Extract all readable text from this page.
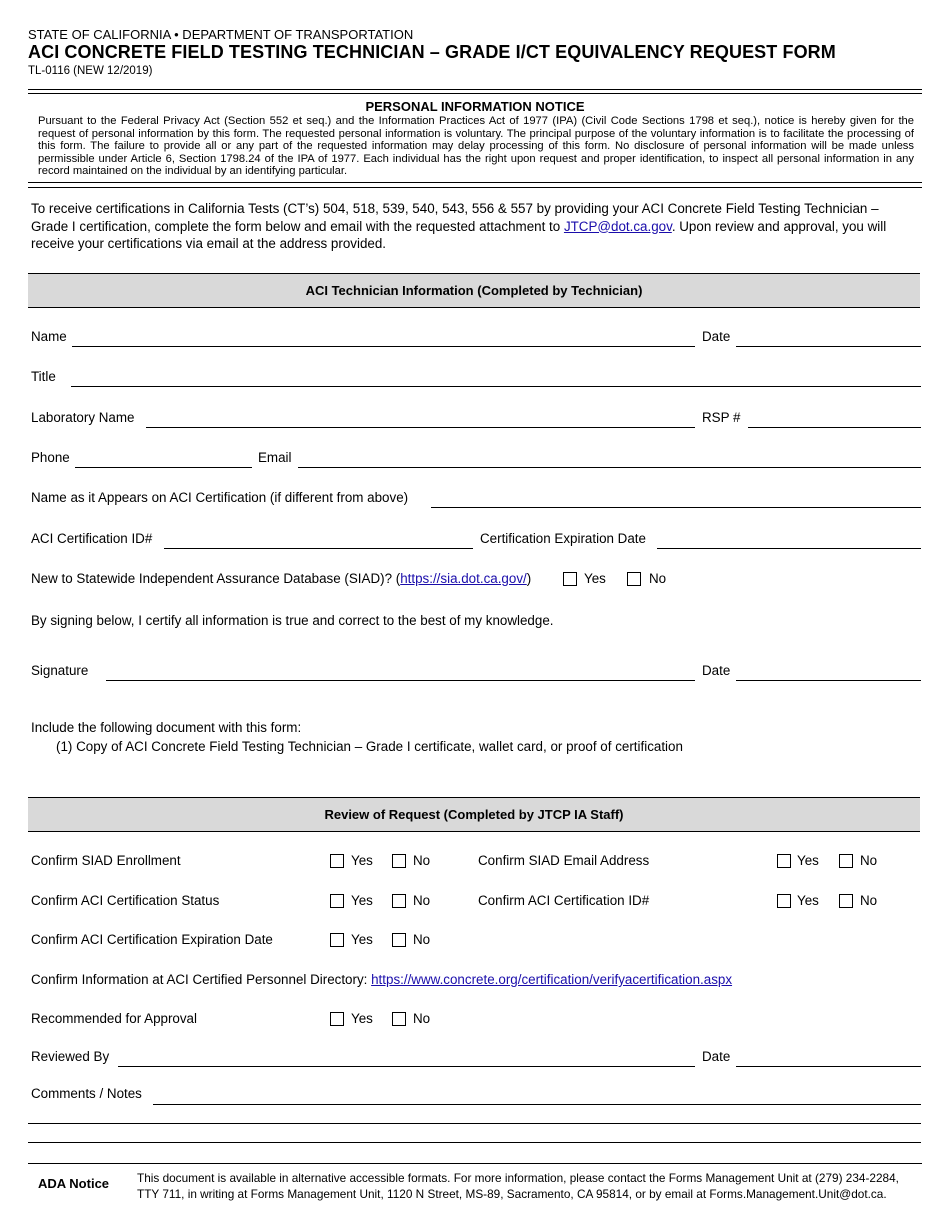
STATE OF CALIFORNIA • DEPARTMENT OF TRANSPORTATION
ACI CONCRETE FIELD TESTING TECHNICIAN – GRADE I/CT EQUIVALENCY REQUEST FORM
TL-0116 (NEW 12/2019)
PERSONAL INFORMATION NOTICE
Pursuant to the Federal Privacy Act (Section 552 et seq.) and the Information Practices Act of 1977 (IPA) (Civil Code Sections 1798 et seq.), notice is hereby given for the request of personal information by this form. The requested personal information is voluntary. The principal purpose of the voluntary information is to facilitate the processing of this form. The failure to provide all or any part of the requested information may delay processing of this form. No disclosure of personal information will be made unless permissible under Article 6, Section 1798.24 of the IPA of 1977. Each individual has the right upon request and proper identification, to inspect all personal information in any record maintained on the individual by an identifying particular.
To receive certifications in California Tests (CT’s) 504, 518, 539, 540, 543, 556 & 557 by providing your ACI Concrete Field Testing Technician – Grade I certification, complete the form below and email with the requested attachment to JTCP@dot.ca.gov. Upon review and approval, you will receive your certifications via email at the address provided.
ACI Technician Information (Completed by Technician)
Name	Date
Title
Laboratory Name	RSP #
Phone	Email
Name as it Appears on ACI Certification (if different from above)
ACI Certification ID#	Certification Expiration Date
New to Statewide Independent Assurance Database (SIAD)? (https://sia.dot.ca.gov/)	Yes	No
By signing below, I certify all information is true and correct to the best of my knowledge.
Signature	Date
Include the following document with this form:
(1) Copy of ACI Concrete Field Testing Technician – Grade I certificate, wallet card, or proof of certification
Review of Request (Completed by JTCP IA Staff)
Confirm SIAD Enrollment	Yes	No	Confirm SIAD Email Address	Yes	No
Confirm ACI Certification Status	Yes	No	Confirm ACI Certification ID#	Yes	No
Confirm ACI Certification Expiration Date	Yes	No
Confirm Information at ACI Certified Personnel Directory: https://www.concrete.org/certification/verifyacertification.aspx
Recommended for Approval	Yes	No
Reviewed By	Date
Comments / Notes
ADA Notice This document is available in alternative accessible formats. For more information, please contact the Forms Management Unit at (279) 234-2284, TTY 711, in writing at Forms Management Unit, 1120 N Street, MS-89, Sacramento, CA 95814, or by email at Forms.Management.Unit@dot.ca.
